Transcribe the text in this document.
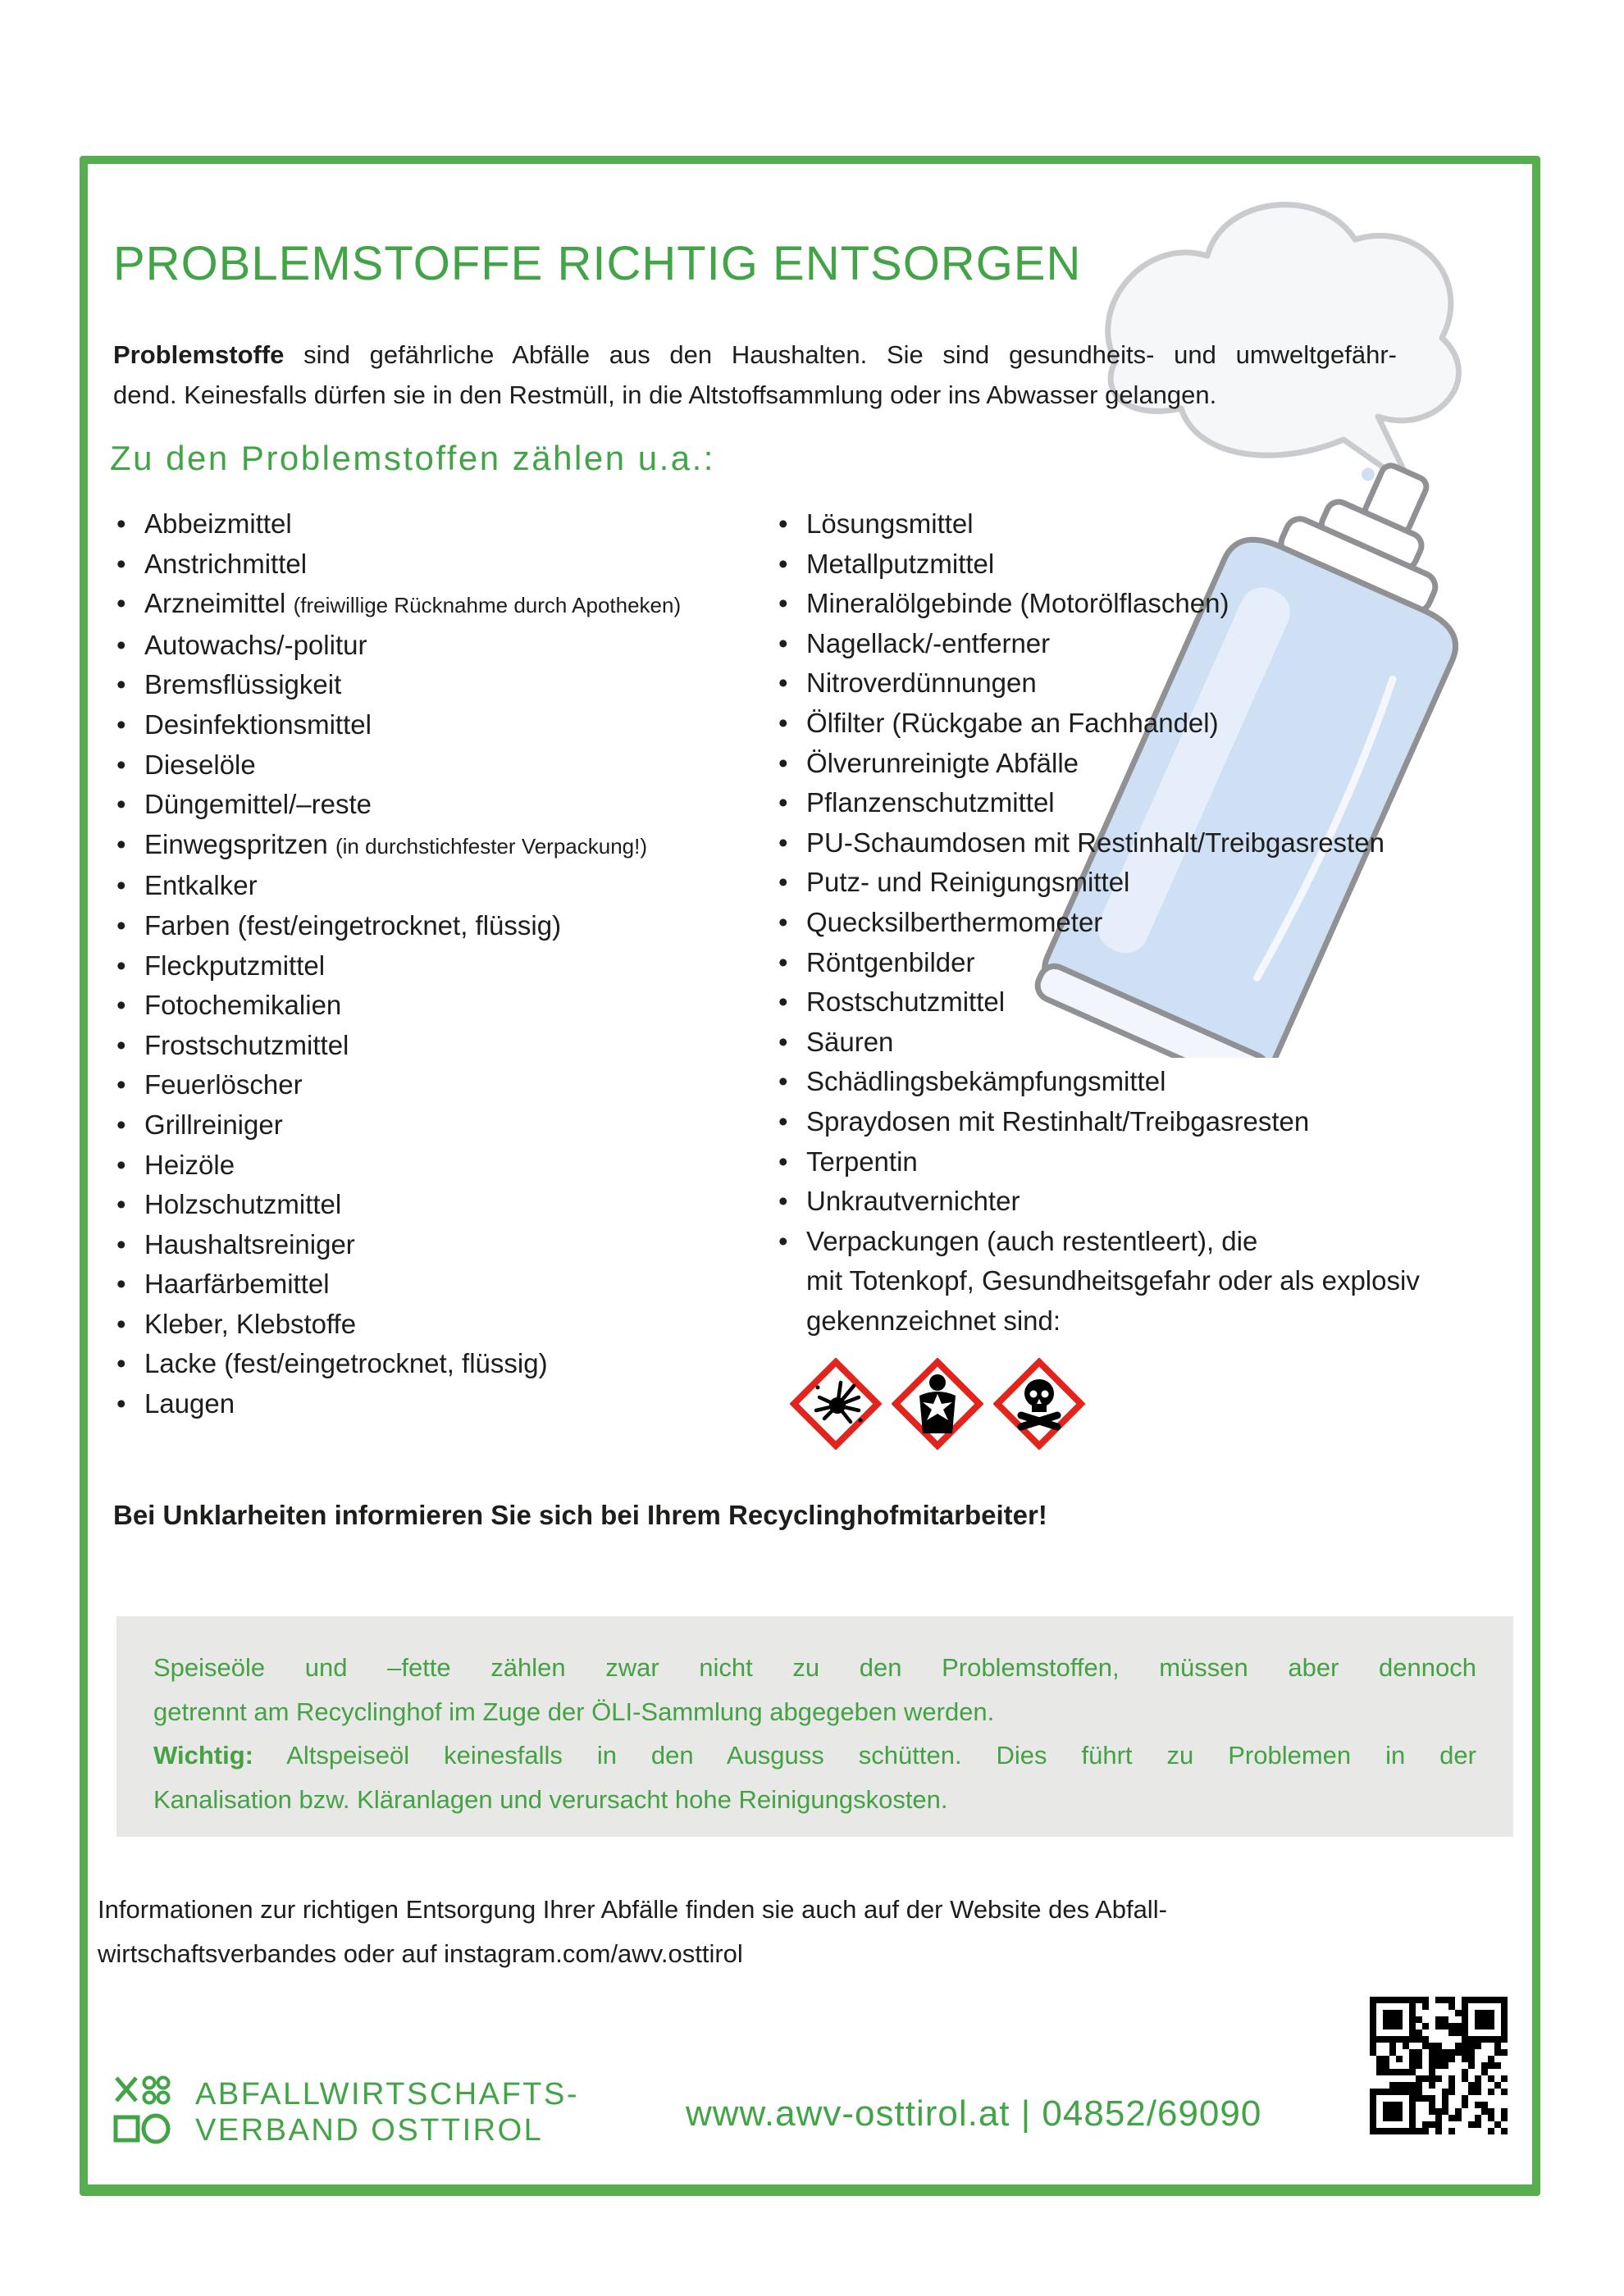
PROBLEMSTOFFE RICHTIG ENTSORGEN
Problemstoffe sind gefährliche Abfälle aus den Haushalten. Sie sind gesundheits- und umweltgefähr-
dend. Keinesfalls dürfen sie in den Restmüll, in die Altstoffsammlung oder ins Abwasser gelangen.
Zu den Problemstoffen zählen u.a.:
• Abbeizmittel
• Anstrichmittel
• Arzneimittel (freiwillige Rücknahme durch Apotheken)
• Autowachs/-politur
• Bremsflüssigkeit
• Desinfektionsmittel
• Dieselöle
• Düngemittel/–reste
• Einwegspritzen (in durchstichfester Verpackung!)
• Entkalker
• Farben (fest/eingetrocknet, flüssig)
• Fleckputzmittel
• Fotochemikalien
• Frostschutzmittel
• Feuerlöscher
• Grillreiniger
• Heizöle
• Holzschutzmittel
• Haushaltsreiniger
• Haarfärbemittel
• Kleber, Klebstoffe
• Lacke (fest/eingetrocknet, flüssig)
• Laugen
• Lösungsmittel
• Metallputzmittel
• Mineralölgebinde (Motorölflaschen)
• Nagellack/-entferner
• Nitroverdünnungen
• Ölfilter (Rückgabe an Fachhandel)
• Ölverunreinigte Abfälle
• Pflanzenschutzmittel
• PU-Schaumdosen mit Restinhalt/Treibgasresten
• Putz- und Reinigungsmittel
• Quecksilberthermometer
• Röntgenbilder
• Rostschutzmittel
• Säuren
• Schädlingsbekämpfungsmittel
• Spraydosen mit Restinhalt/Treibgasresten
• Terpentin
• Unkrautvernichter
• Verpackungen (auch restentleert), die
mit Totenkopf, Gesundheitsgefahr oder als explosiv
gekennzeichnet sind:

Bei Unklarheiten informieren Sie sich bei Ihrem Recyclinghofmitarbeiter!

Speiseöle und –fette zählen zwar nicht zu den Problemstoffen, müssen aber dennoch
getrennt am Recyclinghof im Zuge der ÖLI-Sammlung abgegeben werden.
Wichtig: Altspeiseöl keinesfalls in den Ausguss schütten. Dies führt zu Problemen in der
Kanalisation bzw. Kläranlagen und verursacht hohe Reinigungskosten.
Informationen zur richtigen Entsorgung Ihrer Abfälle finden sie auch auf der Website des Abfall-
wirtschaftsverbandes oder auf instagram.com/awv.osttirol
ABFALLWIRTSCHAFTS-
VERBAND OSTTIROL	www.awv-osttirol.at | 04852/69090
